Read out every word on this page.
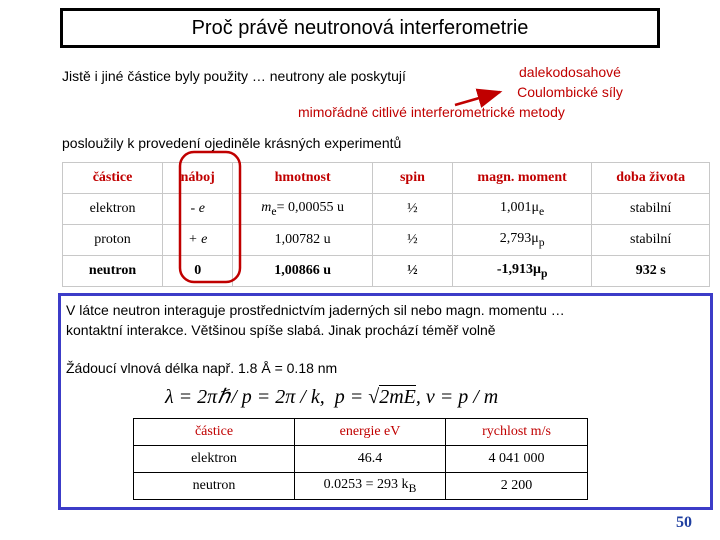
Proč právě neutronová interferometrie
Jistě i jiné částice byly použity … neutrony ale poskytují	dalekodosahové
Coulombické síly
mimořádně citlivé interferometrické metody
posloužily k provedení ojediněle krásných experimentů
částice	náboj	hmotnost	spin	magn. moment	doba života
elektron	- e	$m_e= 0,00055$ u	½	$1,001\mu_e$	stabilní
proton	+ e	1,00782 u	½	$2,793\mu_p$	stabilní
neutron	0	1,00866 u	½	$-1,913\mu_p$	932 s
V látce neutron interaguje prostřednictvím jaderných sil nebo magn. momentu …
kontaktní interakce. Většinou spíše slabá. Jinak prochází téměř volně
Žádoucí vlnová délka např. 1.8 Å = 0.18 nm
λ = 2πℏ/ p = 2π / k, p = √2mE, v = p / m
částice	energie eV	rychlost m/s
elektron	46.4	4 041 000
neutron	0.0253 = 293 $k_B$	2 200
50
